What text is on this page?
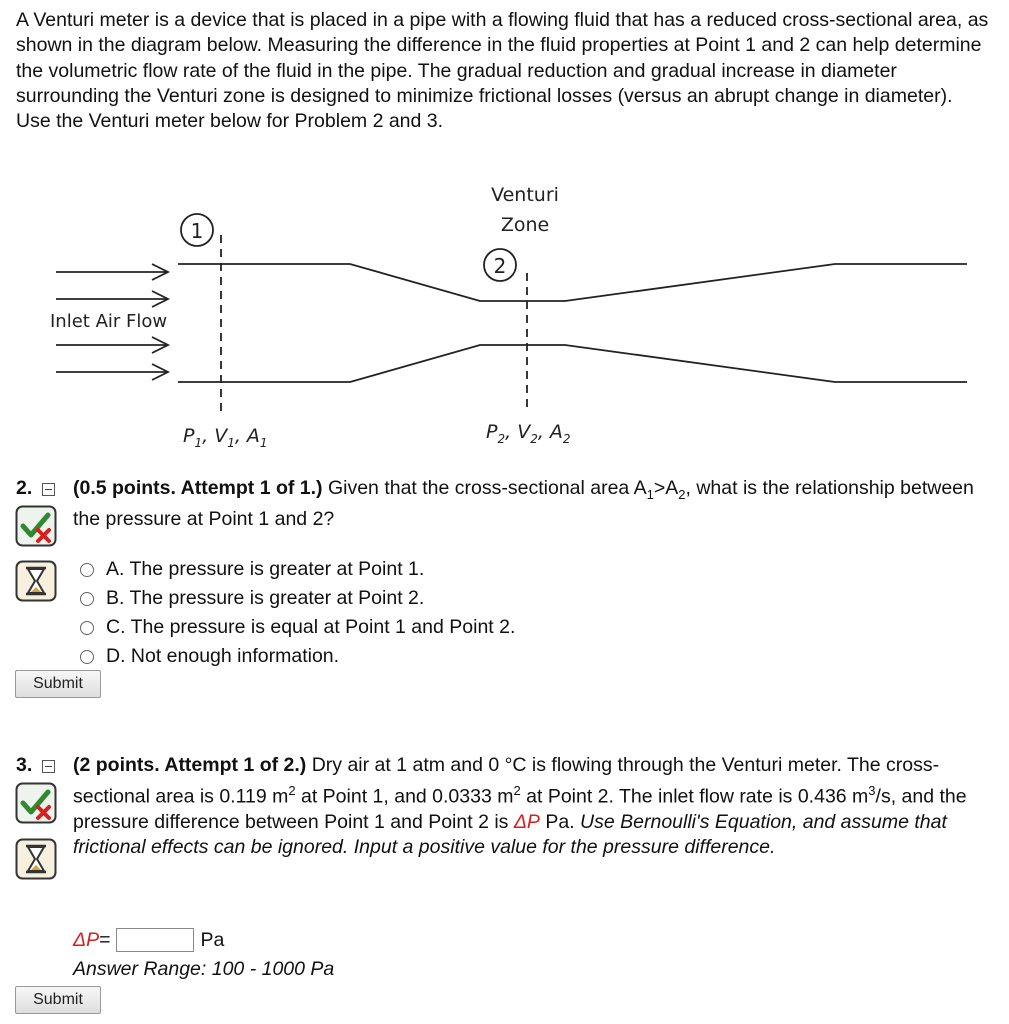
A Venturi meter is a device that is placed in a pipe with a flowing fluid that has a reduced cross-sectional area, as shown in the diagram below. Measuring the difference in the fluid properties at Point 1 and 2 can help determine the volumetric flow rate of the fluid in the pipe. The gradual reduction and gradual increase in diameter surrounding the Venturi zone is designed to minimize frictional losses (versus an abrupt change in diameter). Use the Venturi meter below for Problem 2 and 3.

1
2
Venturi
Zone
Inlet Air Flow
$P_1$, $V_1$, $A_1$	$P_2$, $V_2$, $A_2$
2. (0.5 points. Attempt 1 of 1.) Given that the cross-sectional area $A_1>A_2$, what is the relationship between the pressure at Point 1 and 2?

A. The pressure is greater at Point 1.
B. The pressure is greater at Point 2.
C. The pressure is equal at Point 1 and Point 2.
D. Not enough information.
Submit
3. (2 points. Attempt 1 of 2.) Dry air at 1 atm and 0 °C is flowing through the Venturi meter. The cross-sectional area is 0.119 $m^2$ at Point 1, and 0.0333 $m^2$ at Point 2. The inlet flow rate is 0.436 $m^3/s$, and the pressure difference between Point 1 and Point 2 is ΔP Pa. Use Bernoulli's Equation, and assume that frictional effects can be ignored. Input a positive value for the pressure difference.

ΔP =	Pa
Answer Range: 100 - 1000 Pa
Submit
